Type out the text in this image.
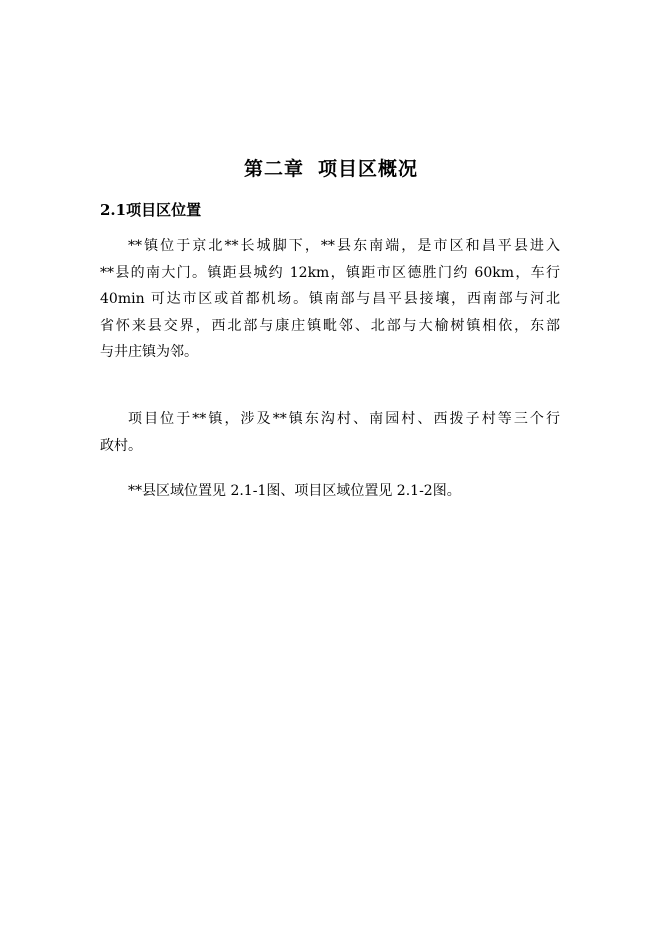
第二章 项目区概况
2.1项目区位置
**镇位于京北**长城脚下，**县东南端，是市区和昌平县进入
**县的南大门。镇距县城约 12km，镇距市区德胜门约 60km，车行
40min 可达市区或首都机场。镇南部与昌平县接壤，西南部与河北
省怀来县交界，西北部与康庄镇毗邻、北部与大榆树镇相依，东部
与井庄镇为邻。
项目位于**镇，涉及**镇东沟村、南园村、西拨子村等三个行
政村。
**县区域位置见 2.1-1图、项目区域位置见 2.1-2图。
